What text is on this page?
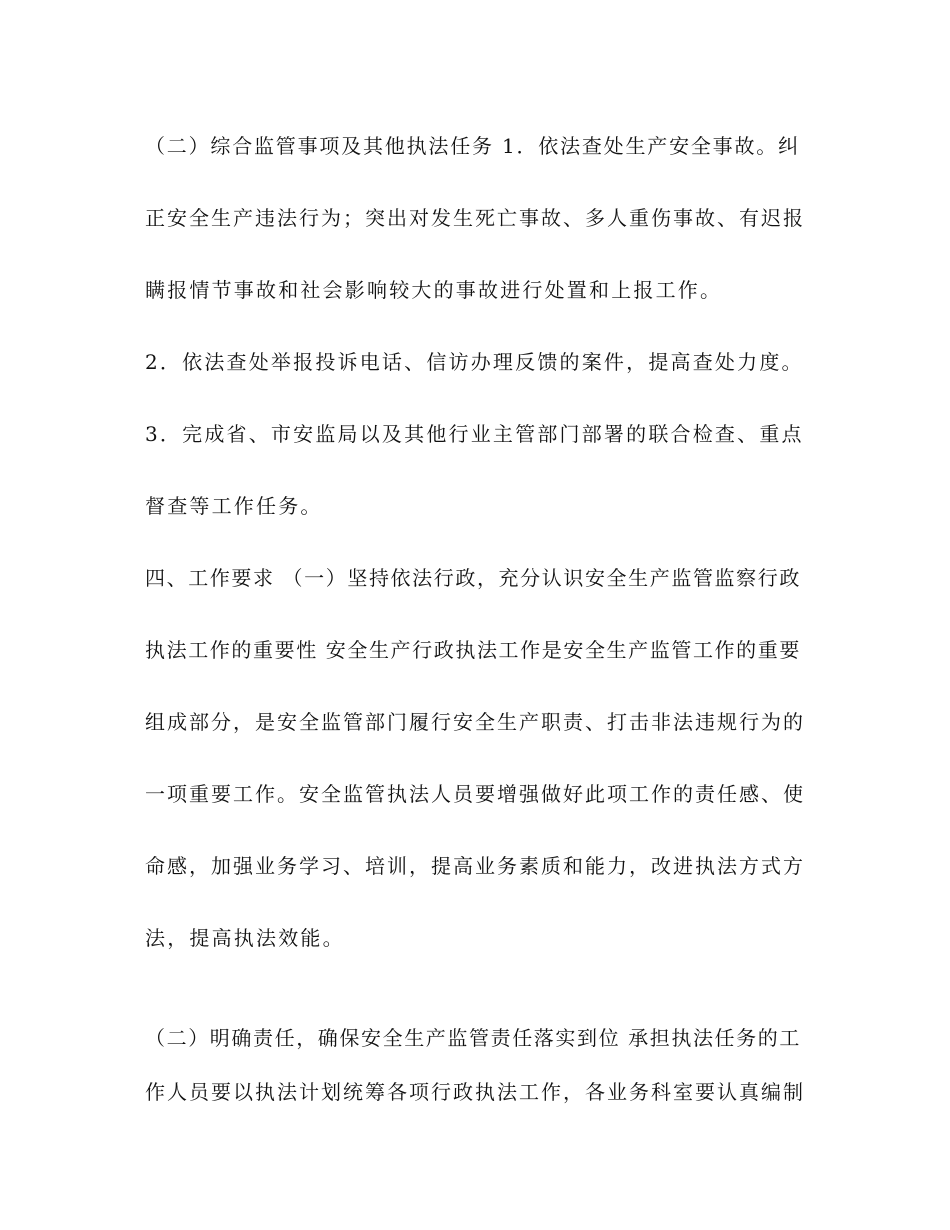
（二）综合监管事项及其他执法任务 1．依法查处生产安全事故。纠
正安全生产违法行为；突出对发生死亡事故、多人重伤事故、有迟报
瞒报情节事故和社会影响较大的事故进行处置和上报工作。
2．依法查处举报投诉电话、信访办理反馈的案件，提高查处力度。
3．完成省、市安监局以及其他行业主管部门部署的联合检查、重点
督查等工作任务。
四、工作要求 （一）坚持依法行政，充分认识安全生产监管监察行政
执法工作的重要性 安全生产行政执法工作是安全生产监管工作的重要
组成部分，是安全监管部门履行安全生产职责、打击非法违规行为的
一项重要工作。安全监管执法人员要增强做好此项工作的责任感、使
命感，加强业务学习、培训，提高业务素质和能力，改进执法方式方
法，提高执法效能。
（二）明确责任，确保安全生产监管责任落实到位 承担执法任务的工
作人员要以执法计划统筹各项行政执法工作，各业务科室要认真编制
